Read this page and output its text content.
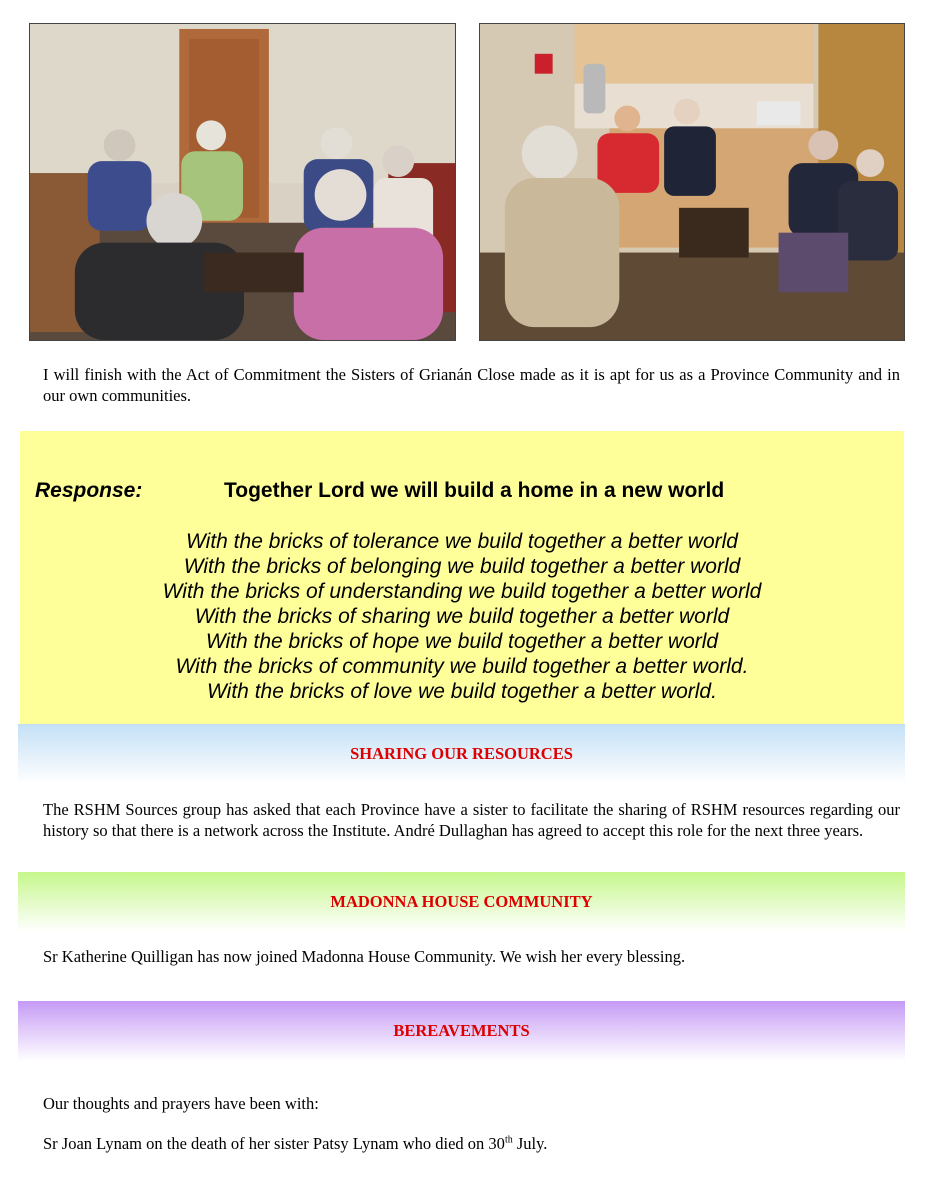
I will finish with the Act of Commitment the Sisters of Grianán Close made as it is apt for us as a Province Community and in our own communities.
Response:	Together Lord we will build a home in a new world
With the bricks of tolerance we build together a better world
With the bricks of belonging we build together a better world
With the bricks of understanding we build together a better world
With the bricks of sharing we build together a better world
With the bricks of hope we build together a better world
With the bricks of community we build together a better world.
With the bricks of love we build together a better world.
SHARING OUR RESOURCES
The RSHM Sources group has asked that each Province have a sister to facilitate the sharing of RSHM resources regarding our history so that there is a network across the Institute. André Dullaghan has agreed to accept this role for the next three years.
MADONNA HOUSE COMMUNITY
Sr Katherine Quilligan has now joined Madonna House Community. We wish her every blessing.
BEREAVEMENTS
Our thoughts and prayers have been with:
Sr Joan Lynam on the death of her sister Patsy Lynam who died on 30th July.
